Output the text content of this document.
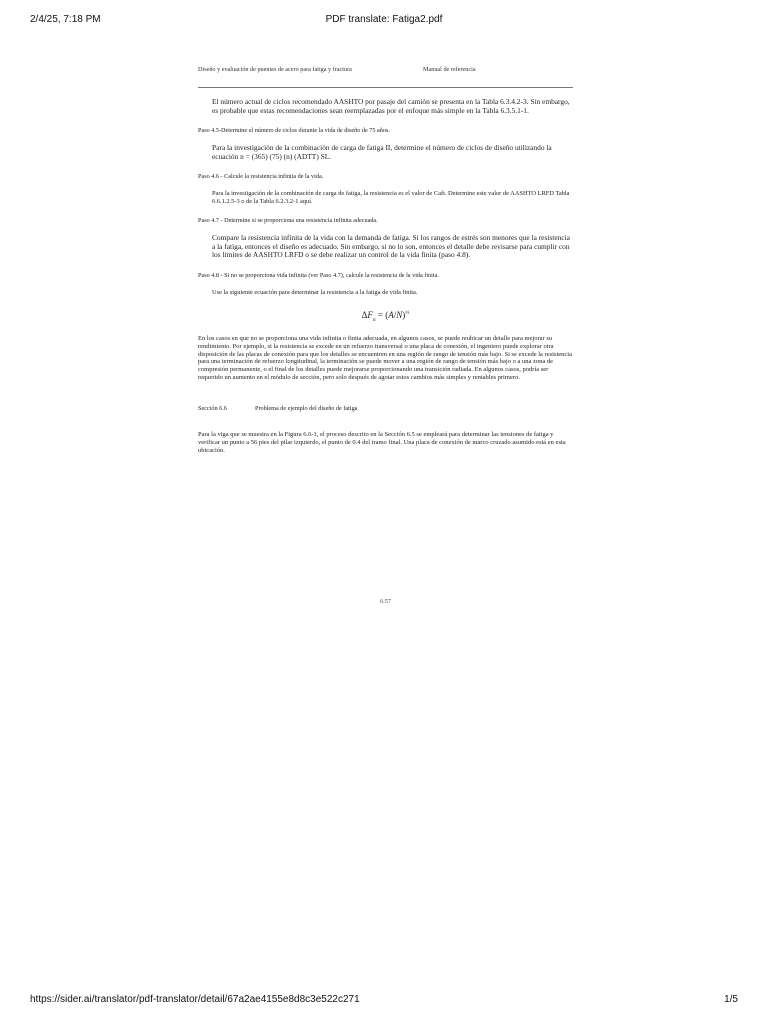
2/4/25, 7:18 PM	PDF translate: Fatiga2.pdf
Diseño y evaluación de puentes de acero para fatiga y fractura	Manual de referencia

El número actual de ciclos recomendado AASHTO por pasaje del camión se presenta en la Tabla 6.3.4.2-3. Sin embargo, es probable que estas recomendaciones sean reemplazadas por el enfoque más simple en la Tabla 6.3.5.1-1.

Paso 4.5-Determine el número de ciclos durante la vida de diseño de 75 años.

Para la investigación de la combinación de carga de fatiga II, determine el número de ciclos de diseño utilizando la ecuación n = (365) (75) (n) (ADTT) SL.

Paso 4.6 - Calcule la resistencia infinita de la vida.

Para la investigación de la combinación de carga de fatiga, la resistencia es el valor de Caft. Determine este valor de AASHTO LRFD Tabla 6.6.1.2.5-3 o de la Tabla 6.2.3.2-1 aquí.

Paso 4.7 - Determine si se proporciona una resistencia infinita adecuada.

Compare la resistencia infinita de la vida con la demanda de fatiga. Si los rangos de estrés son menores que la resistencia a la fatiga, entonces el diseño es adecuado. Sin embargo, si no lo son, entonces el detalle debe revisarse para cumplir con los límites de AASHTO LRFD o se debe realizar un control de la vida finita (paso 4.8).

Paso 4.8 - Si no se proporciona vida infinita (ver Paso 4.7), calcule la resistencia de la vida finita.

Use la siguiente ecuación para determinar la resistencia a la fatiga de vida finita.

$\Delta F_n = (A/N)^{\frac{1}{3}}$

En los casos en que no se proporciona una vida infinita o finita adecuada, en algunos casos, se puede reubicar un detalle para mejorar su rendimiento. Por ejemplo, si la resistencia se excede en un refuerzo transversal o una placa de conexión, el ingeniero puede explorar otra disposición de las placas de conexión para que los detalles se encuentren en una región de rango de tensión más bajo. Si se excede la resistencia para una terminación de refuerzo longitudinal, la terminación se puede mover a una región de rango de tensión más bajo o a una zona de compresión permanente, o el final de los detalles puede mejorarse proporcionando una transición radiada. En algunos casos, podría ser requerido un aumento en el módulo de sección, pero solo después de agotar estos cambios más simples y rentables primero.

Sección 6.6	Problema de ejemplo del diseño de fatiga

Para la viga que se muestra en la Figura 6.6-1, el proceso descrito en la Sección 6.5 se empleará para determinar las tensiones de fatiga y verificar un punto a 56 pies del pilar izquierdo, el punto de 0.4 del tramo final. Una placa de conexión de marco cruzado asumido está en esta ubicación.

6.57
https://sider.ai/translator/pdf-translator/detail/67a2ae4155e8d8c3e522c271	1/5
